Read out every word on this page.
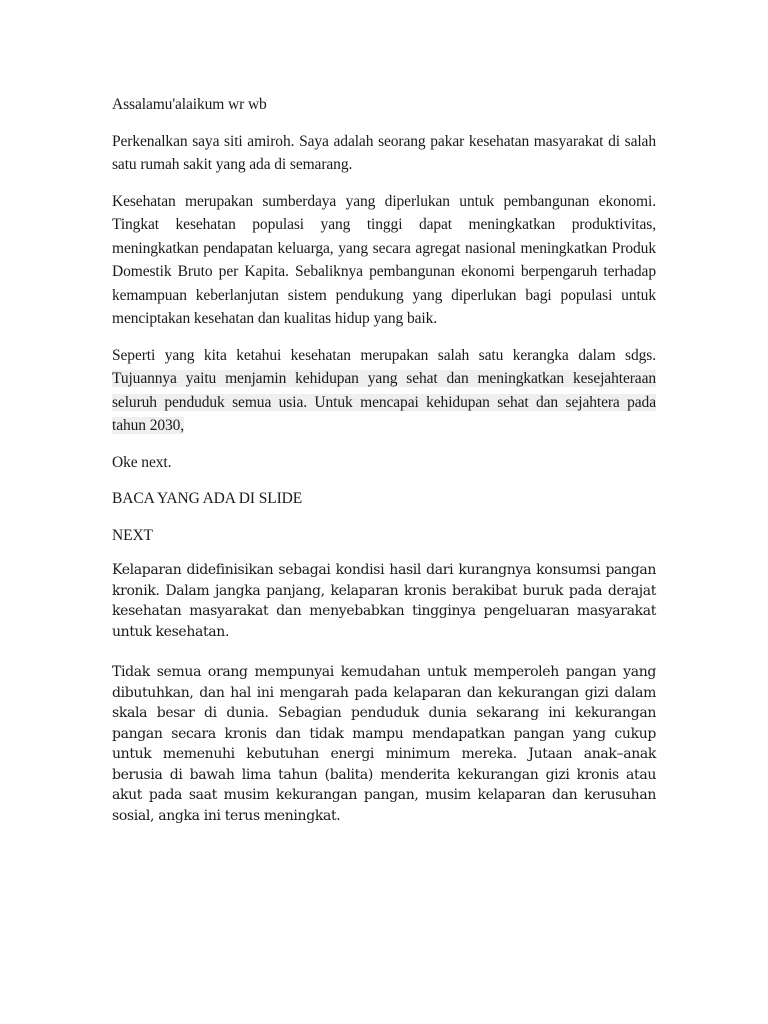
Assalamu'alaikum wr wb

Perkenalkan saya siti amiroh. Saya adalah seorang pakar kesehatan masyarakat di salah satu rumah sakit yang ada di semarang.

Kesehatan merupakan sumberdaya yang diperlukan untuk pembangunan ekonomi. Tingkat kesehatan populasi yang tinggi dapat meningkatkan produktivitas, meningkatkan pendapatan keluarga, yang secara agregat nasional meningkatkan Produk Domestik Bruto per Kapita. Sebaliknya pembangunan ekonomi berpengaruh terhadap kemampuan keberlanjutan sistem pendukung yang diperlukan bagi populasi untuk menciptakan kesehatan dan kualitas hidup yang baik.

Seperti yang kita ketahui kesehatan merupakan salah satu kerangka dalam sdgs. Tujuannya yaitu menjamin kehidupan yang sehat dan meningkatkan kesejahteraan seluruh penduduk semua usia. Untuk mencapai kehidupan sehat dan sejahtera pada tahun 2030,

Oke next.

BACA YANG ADA DI SLIDE

NEXT

Kelaparan didefinisikan sebagai kondisi hasil dari kurangnya konsumsi pangan kronik. Dalam jangka panjang, kelaparan kronis berakibat buruk pada derajat kesehatan masyarakat dan menyebabkan tingginya pengeluaran masyarakat untuk kesehatan.

Tidak semua orang mempunyai kemudahan untuk memperoleh pangan yang dibutuhkan, dan hal ini mengarah pada kelaparan dan kekurangan gizi dalam skala besar di dunia. Sebagian penduduk dunia sekarang ini kekurangan pangan secara kronis dan tidak mampu mendapatkan pangan yang cukup untuk memenuhi kebutuhan energi minimum mereka. Jutaan anak–anak berusia di bawah lima tahun (balita) menderita kekurangan gizi kronis atau akut pada saat musim kekurangan pangan, musim kelaparan dan kerusuhan sosial, angka ini terus meningkat.
